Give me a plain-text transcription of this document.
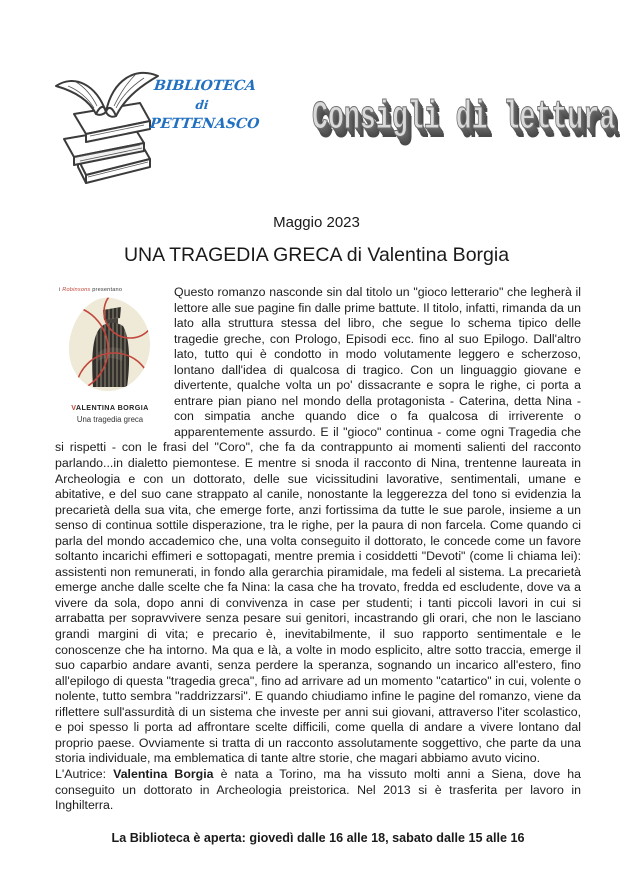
BIBLIOTECA
di
PETTENASCO Consigli di lettura
Maggio 2023
UNA TRAGEDIA GRECA di Valentina Borgia
i Robinsons presentano
VALENTINA BORGIA
Una tragedia greca
Questo romanzo nasconde sin dal titolo un "gioco letterario" che legherà il lettore alle sue pagine fin dalle prime battute. Il titolo, infatti, rimanda da un lato alla struttura stessa del libro, che segue lo schema tipico delle tragedie greche, con Prologo, Episodi ecc. fino al suo Epilogo. Dall'altro lato, tutto qui è condotto in modo volutamente leggero e scherzoso, lontano dall'idea di qualcosa di tragico. Con un linguaggio giovane e divertente, qualche volta un po' dissacrante e sopra le righe, ci porta a entrare pian piano nel mondo della protagonista - Caterina, detta Nina - con simpatia anche quando dice o fa qualcosa di irriverente o apparentemente assurdo. E il "gioco" continua - come ogni Tragedia che si rispetti - con le frasi del "Coro", che fa da contrappunto ai momenti salienti del racconto parlando...in dialetto piemontese. E mentre si snoda il racconto di Nina, trentenne laureata in Archeologia e con un dottorato, delle sue vicissitudini lavorative, sentimentali, umane e abitative, e del suo cane strappato al canile, nonostante la leggerezza del tono si evidenzia la precarietà della sua vita, che emerge forte, anzi fortissima da tutte le sue parole, insieme a un senso di continua sottile disperazione, tra le righe, per la paura di non farcela. Come quando ci parla del mondo accademico che, una volta conseguito il dottorato, le concede come un favore soltanto incarichi effimeri e sottopagati, mentre premia i cosiddetti "Devoti" (come li chiama lei): assistenti non remunerati, in fondo alla gerarchia piramidale, ma fedeli al sistema. La precarietà emerge anche dalle scelte che fa Nina: la casa che ha trovato, fredda ed escludente, dove va a vivere da sola, dopo anni di convivenza in case per studenti; i tanti piccoli lavori in cui si arrabatta per sopravvivere senza pesare sui genitori, incastrando gli orari, che non le lasciano grandi margini di vita; e precario è, inevitabilmente, il suo rapporto sentimentale e le conoscenze che ha intorno. Ma qua e là, a volte in modo esplicito, altre sotto traccia, emerge il suo caparbio andare avanti, senza perdere la speranza, sognando un incarico all'estero, fino all'epilogo di questa "tragedia greca", fino ad arrivare ad un momento "catartico" in cui, volente o nolente, tutto sembra "raddrizzarsi". E quando chiudiamo infine le pagine del romanzo, viene da riflettere sull'assurdità di un sistema che investe per anni sui giovani, attraverso l'iter scolastico, e poi spesso li porta ad affrontare scelte difficili, come quella di andare a vivere lontano dal proprio paese. Ovviamente si tratta di un racconto assolutamente soggettivo, che parte da una storia individuale, ma emblematica di tante altre storie, che magari abbiamo avuto vicino.
L'Autrice: Valentina Borgia è nata a Torino, ma ha vissuto molti anni a Siena, dove ha conseguito un dottorato in Archeologia preistorica. Nel 2013 si è trasferita per lavoro in Inghilterra.
La Biblioteca è aperta: giovedì dalle 16 alle 18, sabato dalle 15 alle 16
